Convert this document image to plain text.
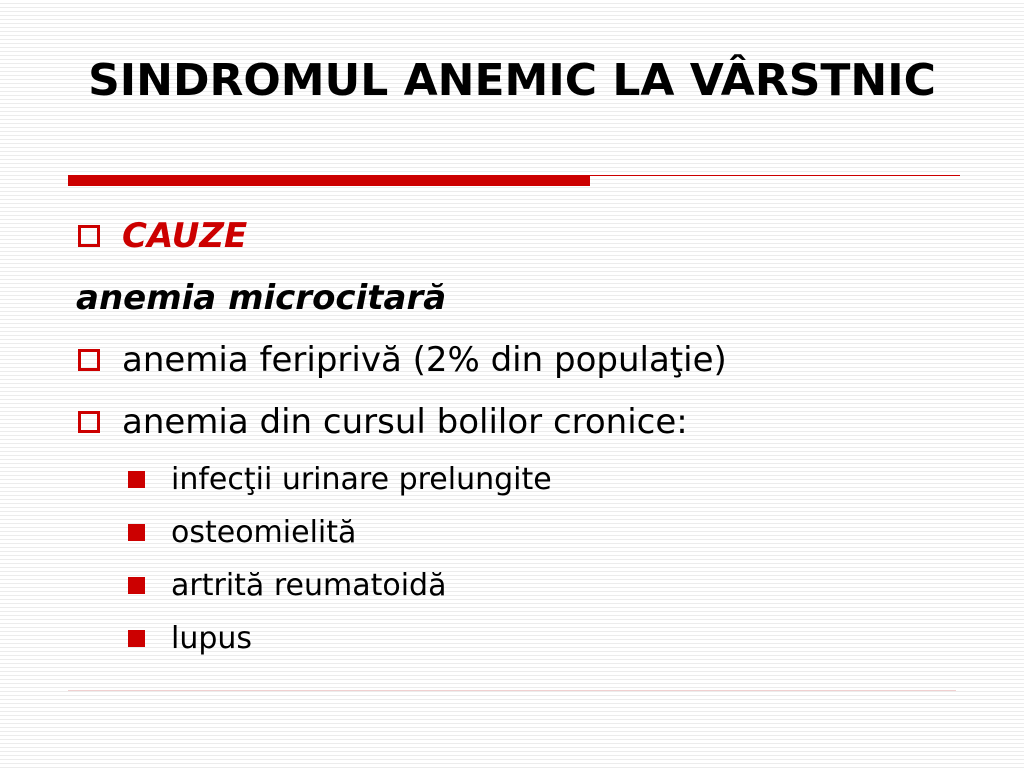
SINDROMUL ANEMIC LA VÂRSTNIC
CAUZE
anemia microcitară
anemia feriprivă (2% din populaţie)
anemia din cursul bolilor cronice:
infecţii urinare prelungite
osteomielită
artrită reumatoidă
lupus
